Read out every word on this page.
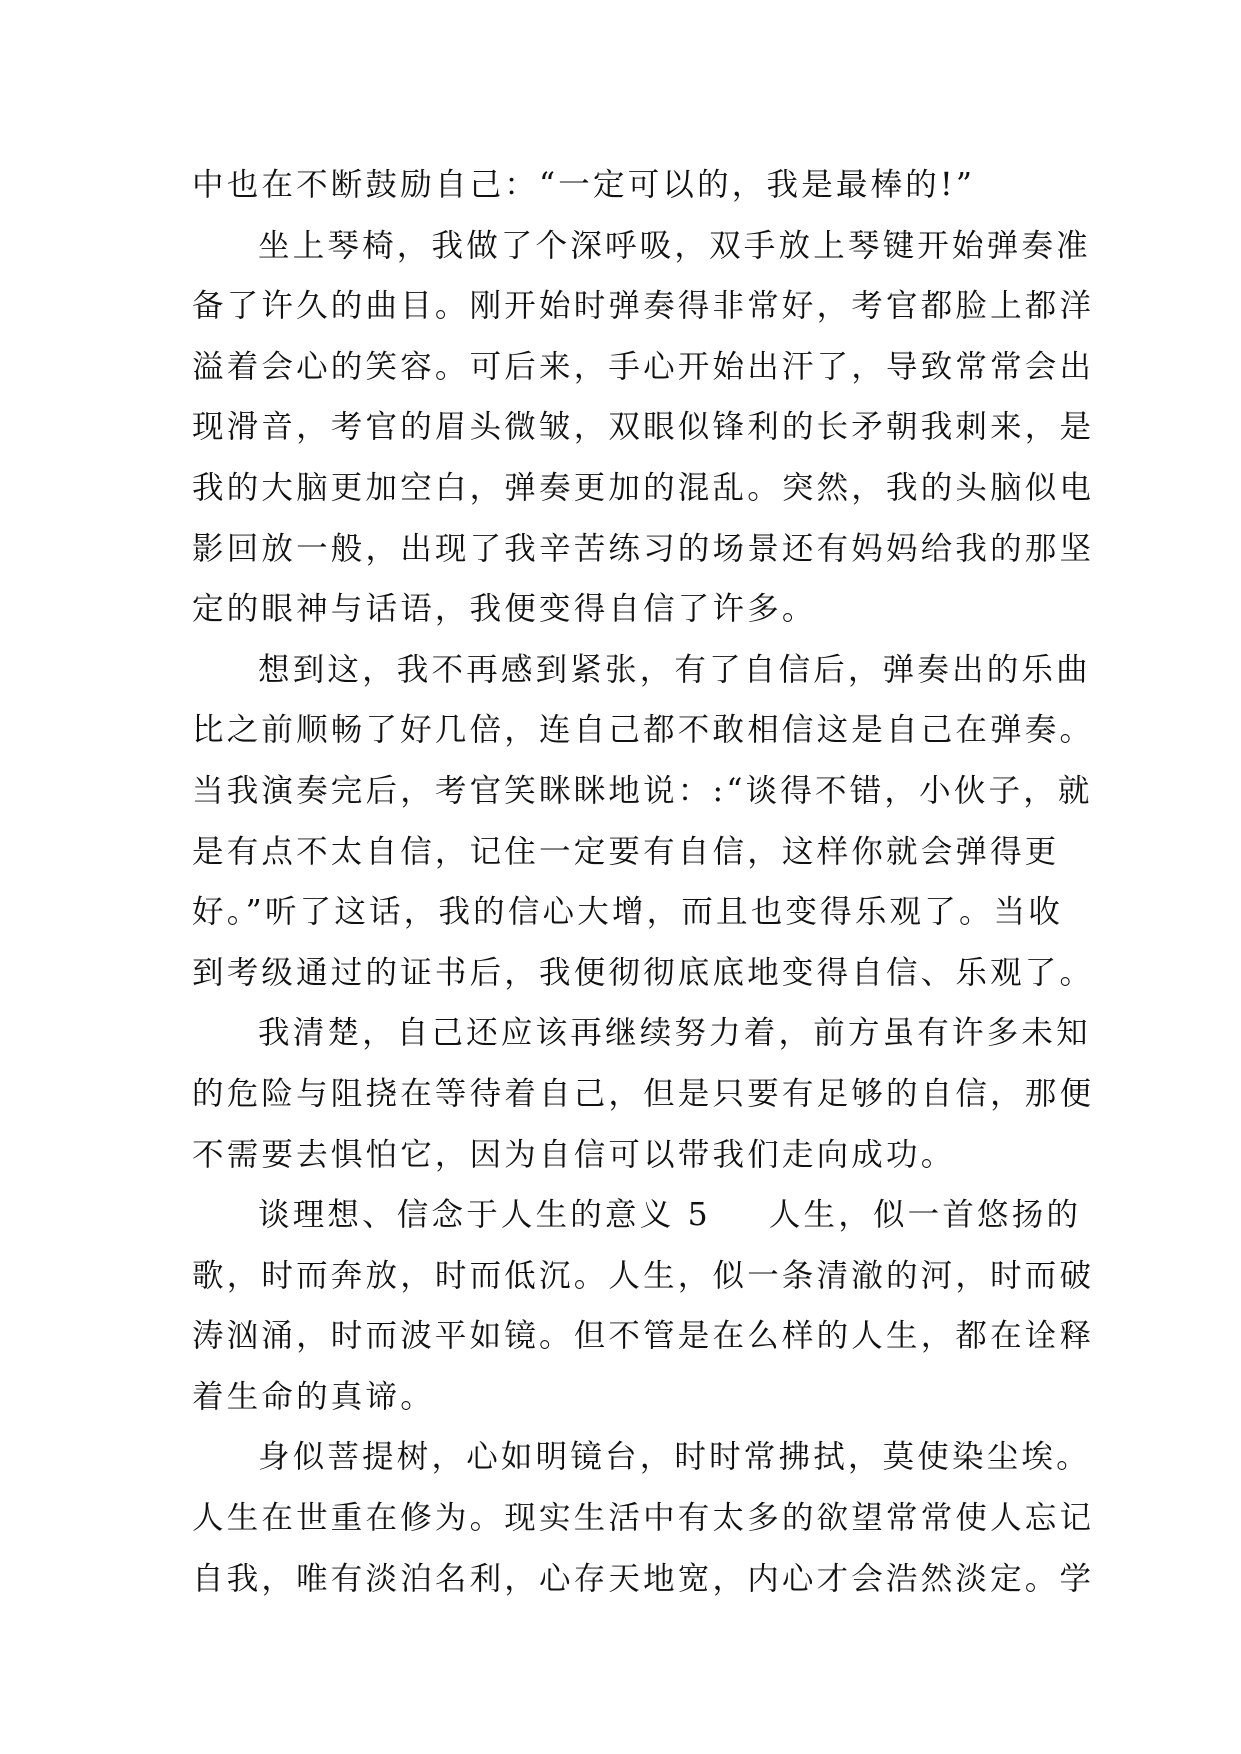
中也在不断鼓励自己：“一定可以的，我是最棒的!”
坐上琴椅，我做了个深呼吸，双手放上琴键开始弹奏准
备了许久的曲目。刚开始时弹奏得非常好，考官都脸上都洋
溢着会心的笑容。可后来，手心开始出汗了，导致常常会出
现滑音，考官的眉头微皱，双眼似锋利的长矛朝我刺来，是
我的大脑更加空白，弹奏更加的混乱。突然，我的头脑似电
影回放一般，出现了我辛苦练习的场景还有妈妈给我的那坚
定的眼神与话语，我便变得自信了许多。
想到这，我不再感到紧张，有了自信后，弹奏出的乐曲
比之前顺畅了好几倍，连自己都不敢相信这是自己在弹奏。
当我演奏完后，考官笑眯眯地说：:“谈得不错，小伙子，就
是有点不太自信，记住一定要有自信，这样你就会弹得更
好。”听了这话，我的信心大增，而且也变得乐观了。当收
到考级通过的证书后，我便彻彻底底地变得自信、乐观了。
我清楚，自己还应该再继续努力着，前方虽有许多未知
的危险与阻挠在等待着自己，但是只要有足够的自信，那便
不需要去惧怕它，因为自信可以带我们走向成功。
谈理想、信念于人生的意义 5 人生，似一首悠扬的
歌，时而奔放，时而低沉。人生，似一条清澈的河，时而破
涛汹涌，时而波平如镜。但不管是在么样的人生，都在诠释
着生命的真谛。
身似菩提树，心如明镜台，时时常拂拭，莫使染尘埃。
人生在世重在修为。现实生活中有太多的欲望常常使人忘记
自我，唯有淡泊名利，心存天地宽，内心才会浩然淡定。学
